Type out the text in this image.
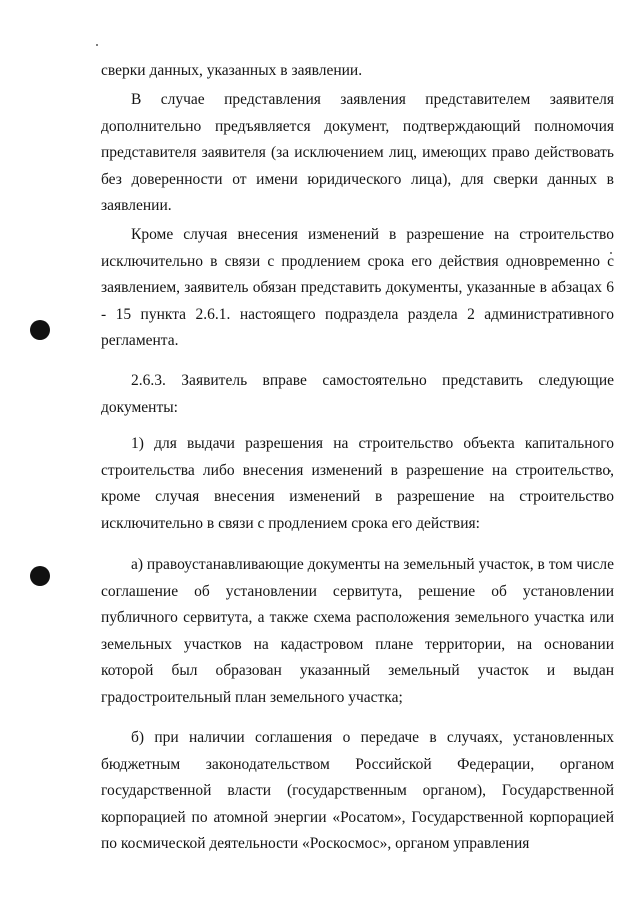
сверки данных, указанных в заявлении.

В случае представления заявления представителем заявителя дополнительно предъявляется документ, подтверждающий полномочия представителя заявителя (за исключением лиц, имеющих право действовать без доверенности от имени юридического лица), для сверки данных в заявлении.

Кроме случая внесения изменений в разрешение на строительство исключительно в связи с продлением срока его действия одновременно с заявлением, заявитель обязан представить документы, указанные в абзацах 6 - 15 пункта 2.6.1. настоящего подраздела раздела 2 административного регламента.

2.6.3. Заявитель вправе самостоятельно представить следующие документы:

1) для выдачи разрешения на строительство объекта капитального строительства либо внесения изменений в разрешение на строительство, кроме случая внесения изменений в разрешение на строительство исключительно в связи с продлением срока его действия:

а) правоустанавливающие документы на земельный участок, в том числе соглашение об установлении сервитута, решение об установлении публичного сервитута, а также схема расположения земельного участка или земельных участков на кадастровом плане территории, на основании которой был образован указанный земельный участок и выдан градостроительный план земельного участка;

б) при наличии соглашения о передаче в случаях, установленных бюджетным законодательством Российской Федерации, органом государственной власти (государственным органом), Государственной корпорацией по атомной энергии «Росатом», Государственной корпорацией по космической деятельности «Роскосмос», органом управления
